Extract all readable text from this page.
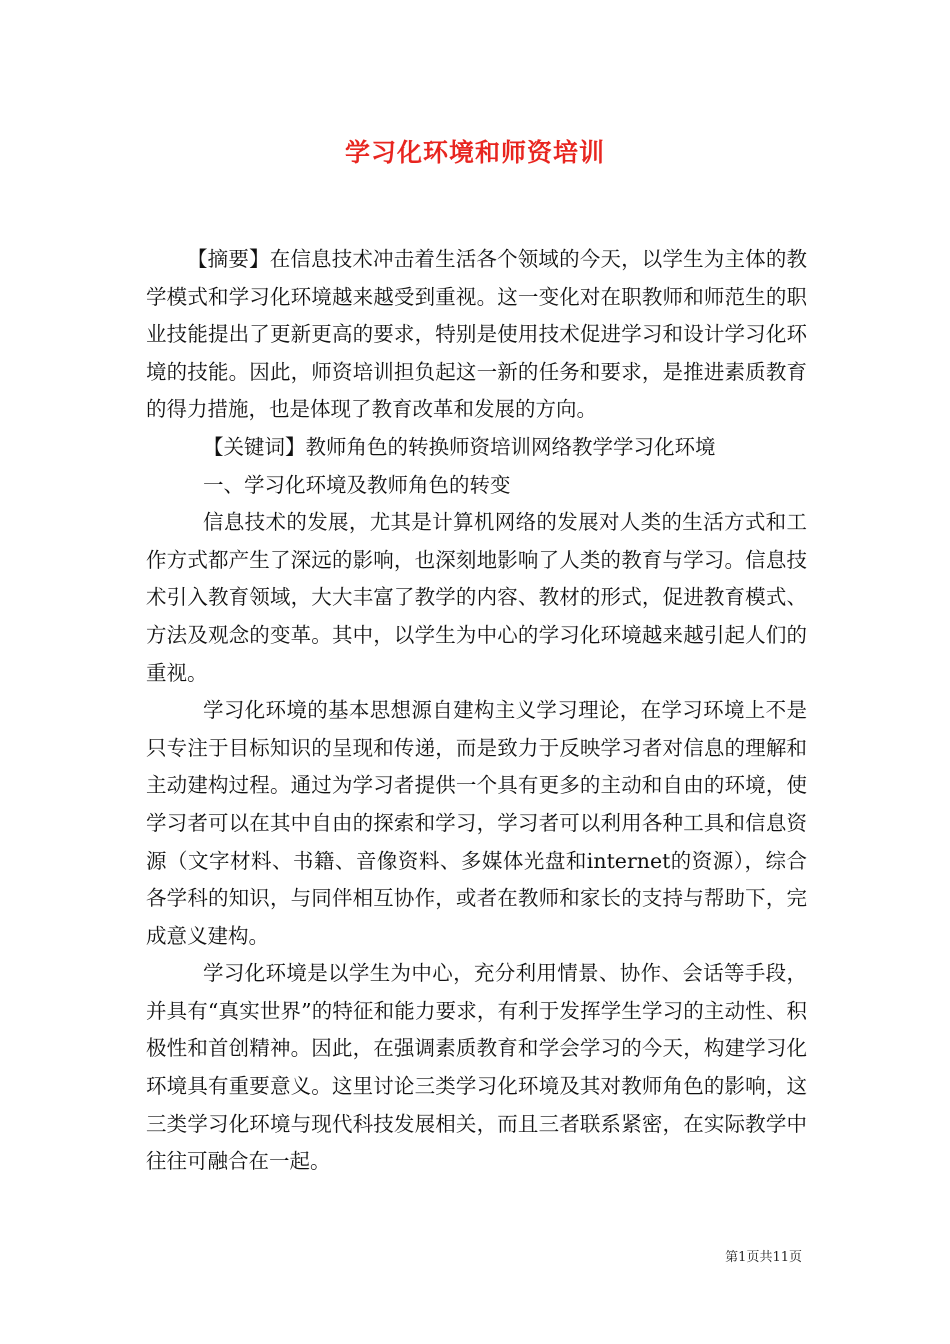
学习化环境和师资培训

【摘要】在信息技术冲击着生活各个领域的今天，以学生为主体的教学模式和学习化环境越来越受到重视。这一变化对在职教师和师范生的职业技能提出了更新更高的要求，特别是使用技术促进学习和设计学习化环境的技能。因此，师资培训担负起这一新的任务和要求，是推进素质教育的得力措施，也是体现了教育改革和发展的方向。

【关键词】教师角色的转换师资培训网络教学学习化环境

一、学习化环境及教师角色的转变

信息技术的发展，尤其是计算机网络的发展对人类的生活方式和工作方式都产生了深远的影响，也深刻地影响了人类的教育与学习。信息技术引入教育领域，大大丰富了教学的内容、教材的形式，促进教育模式、方法及观念的变革。其中，以学生为中心的学习化环境越来越引起人们的重视。

学习化环境的基本思想源自建构主义学习理论，在学习环境上不是只专注于目标知识的呈现和传递，而是致力于反映学习者对信息的理解和主动建构过程。通过为学习者提供一个具有更多的主动和自由的环境，使学习者可以在其中自由的探索和学习，学习者可以利用各种工具和信息资源（文字材料、书籍、音像资料、多媒体光盘和internet的资源），综合各学科的知识，与同伴相互协作，或者在教师和家长的支持与帮助下，完成意义建构。

学习化环境是以学生为中心，充分利用情景、协作、会话等手段，并具有“真实世界”的特征和能力要求，有利于发挥学生学习的主动性、积极性和首创精神。因此，在强调素质教育和学会学习的今天，构建学习化环境具有重要意义。这里讨论三类学习化环境及其对教师角色的影响，这三类学习化环境与现代科技发展相关，而且三者联系紧密，在实际教学中往往可融合在一起。

第1页共11页
